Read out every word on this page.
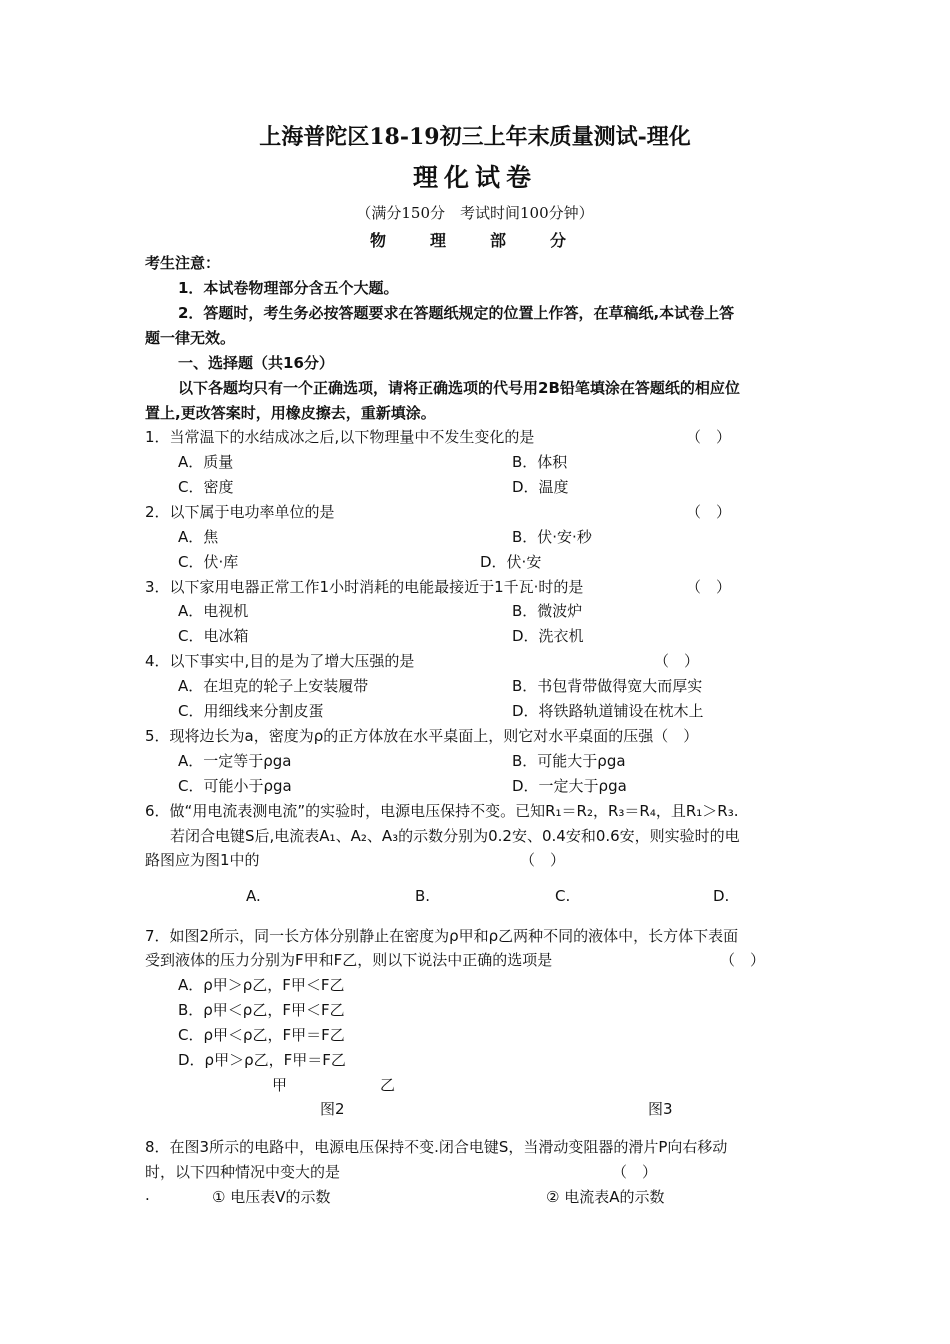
上海普陀区18-19初三上年末质量测试-理化
理化试卷
（满分150分　考试时间100分钟）
物　理　部　分
考生注意：
1．本试卷物理部分含五个大题。
2．答题时，考生务必按答题要求在答题纸规定的位置上作答，在草稿纸,本试卷上答
题一律无效。
一、选择题（共16分）
以下各题均只有一个正确选项，请将正确选项的代号用2B铅笔填涂在答题纸的相应位
置上,更改答案时，用橡皮擦去，重新填涂。
1．当常温下的水结成冰之后,以下物理量中不发生变化的是	（　）
A．质量	B．体积
C．密度	D．温度
2．以下属于电功率单位的是	（　）
A．焦	B．伏·安·秒
C．伏·库	D．伏·安
3．以下家用电器正常工作1小时消耗的电能最接近于1千瓦·时的是	（　）
A．电视机	B．微波炉
C．电冰箱	D．洗衣机
4．以下事实中,目的是为了增大压强的是	（　）
A．在坦克的轮子上安装履带	B．书包背带做得宽大而厚实
C．用细线来分割皮蛋	D．将铁路轨道铺设在枕木上
5．现将边长为a，密度为ρ的正方体放在水平桌面上，则它对水平桌面的压强（　）
A．一定等于ρga	B．可能大于ρga
C．可能小于ρga	D．一定大于ρga
6．做“用电流表测电流”的实验时，电源电压保持不变。已知R₁＝R₂，R₃＝R₄，且R₁＞R₃.
若闭合电键S后,电流表A₁、A₂、A₃的示数分别为0.2安、0.4安和0.6安，则实验时的电
路图应为图1中的	（　）
A.	B.	C.	D.
7．如图2所示，同一长方体分别静止在密度为ρ甲和ρ乙两种不同的液体中，长方体下表面
受到液体的压力分别为F甲和F乙，则以下说法中正确的选项是	（　）
A．ρ甲＞ρ乙，F甲＜F乙
B．ρ甲＜ρ乙，F甲＜F乙
C．ρ甲＜ρ乙，F甲＝F乙
D．ρ甲＞ρ乙，F甲＝F乙
甲	乙
图2	图3
8．在图3所示的电路中，电源电压保持不变.闭合电键S，当滑动变阻器的滑片P向右移动
时，以下四种情况中变大的是	（　）
.	① 电压表V的示数	② 电流表A的示数
